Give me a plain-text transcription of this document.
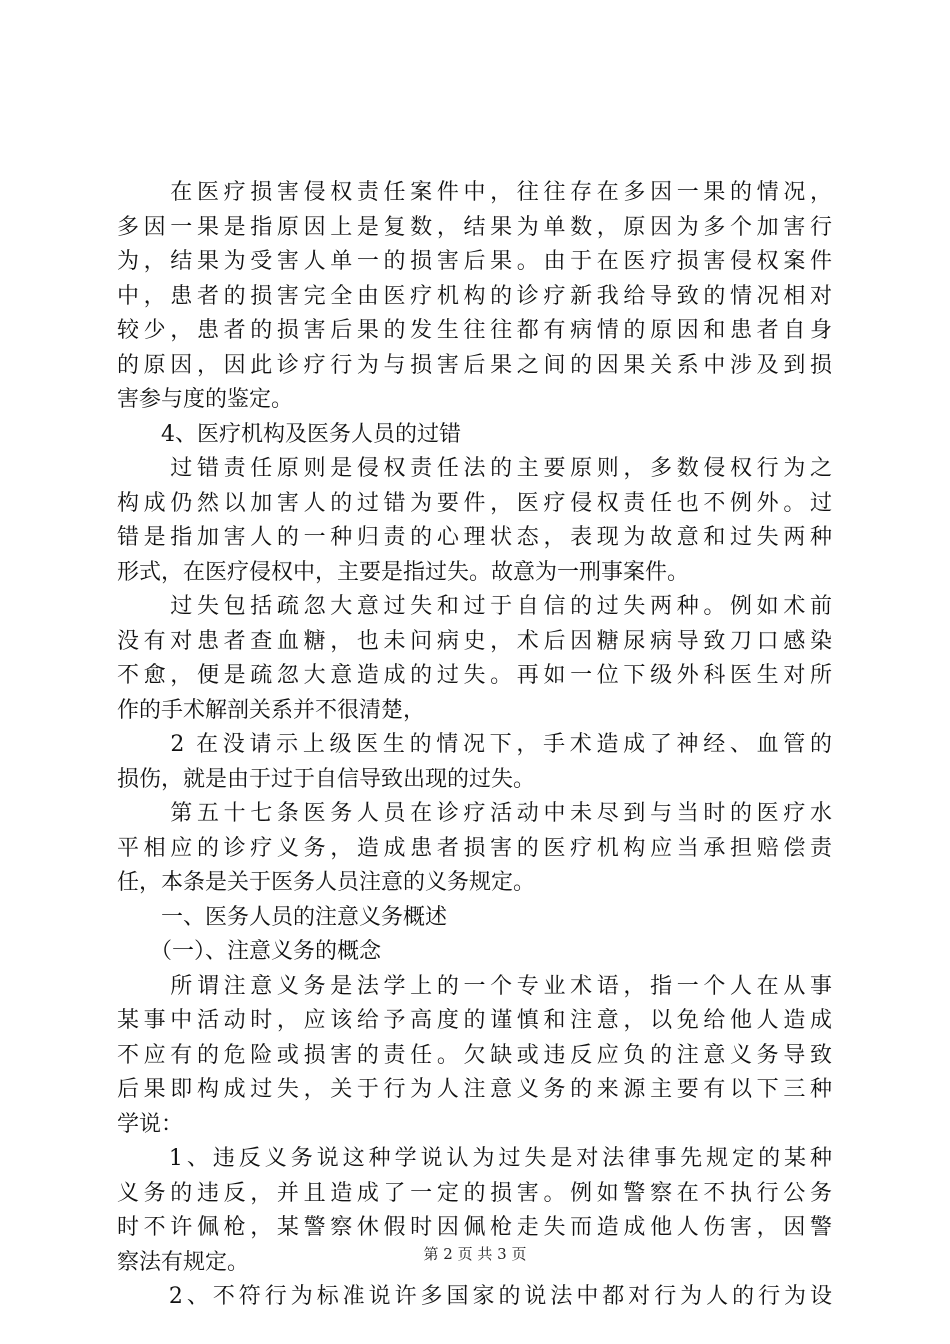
　　在医疗损害侵权责任案件中，往往存在多因一果的情况，
多因一果是指原因上是复数，结果为单数，原因为多个加害行
为，结果为受害人单一的损害后果。由于在医疗损害侵权案件
中，患者的损害完全由医疗机构的诊疗新我给导致的情况相对
较少，患者的损害后果的发生往往都有病情的原因和患者自身
的原因，因此诊疗行为与损害后果之间的因果关系中涉及到损
害参与度的鉴定。
　　4、医疗机构及医务人员的过错
　　过错责任原则是侵权责任法的主要原则，多数侵权行为之
构成仍然以加害人的过错为要件，医疗侵权责任也不例外。过
错是指加害人的一种归责的心理状态，表现为故意和过失两种
形式，在医疗侵权中，主要是指过失。故意为一刑事案件。
　　过失包括疏忽大意过失和过于自信的过失两种。例如术前
没有对患者查血糖，也未问病史，术后因糖尿病导致刀口感染
不愈，便是疏忽大意造成的过失。再如一位下级外科医生对所
作的手术解剖关系并不很清楚，
　　2 在没请示上级医生的情况下，手术造成了神经、血管的
损伤，就是由于过于自信导致出现的过失。
　　第五十七条医务人员在诊疗活动中未尽到与当时的医疗水
平相应的诊疗义务，造成患者损害的医疗机构应当承担赔偿责
任，本条是关于医务人员注意的义务规定。
　　一、医务人员的注意义务概述
　　（一）、注意义务的概念
　　所谓注意义务是法学上的一个专业术语，指一个人在从事
某事中活动时，应该给予高度的谨慎和注意，以免给他人造成
不应有的危险或损害的责任。欠缺或违反应负的注意义务导致
后果即构成过失，关于行为人注意义务的来源主要有以下三种
学说：
　　1、违反义务说这种学说认为过失是对法律事先规定的某种
义务的违反，并且造成了一定的损害。例如警察在不执行公务
时不许佩枪，某警察休假时因佩枪走失而造成他人伤害，因警
察法有规定。
　　2、不符行为标准说许多国家的说法中都对行为人的行为设
第 2 页 共 3 页
